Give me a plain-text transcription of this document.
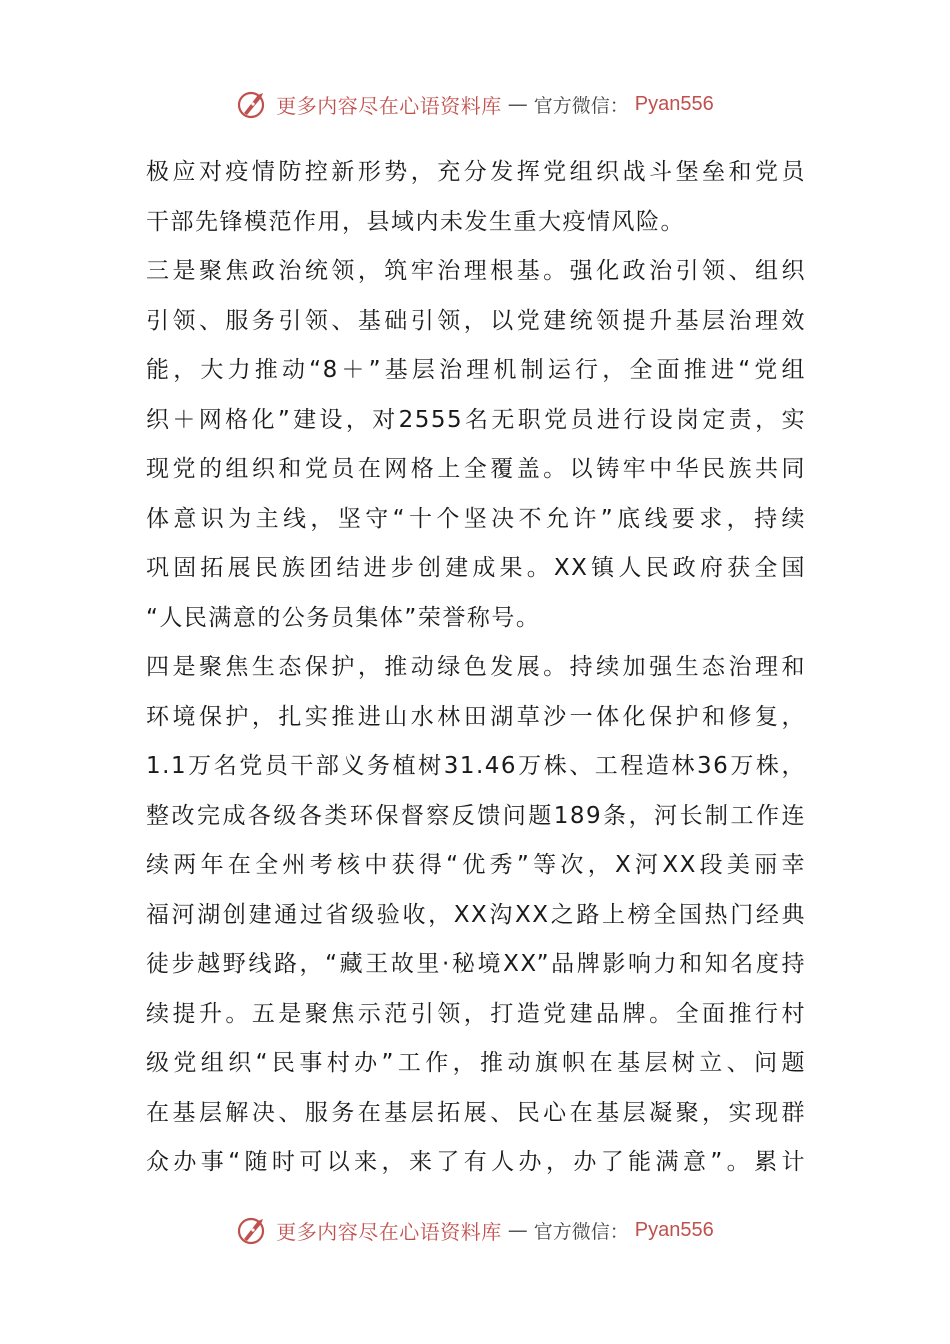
更多内容尽在心语资料库 — 官方微信： Pyan556
极应对疫情防控新形势，充分发挥党组织战斗堡垒和党员
干部先锋模范作用，县域内未发生重大疫情风险。
三是聚焦政治统领，筑牢治理根基。强化政治引领、组织
引领、服务引领、基础引领，以党建统领提升基层治理效
能，大力推动“8＋”基层治理机制运行，全面推进“党组
织＋网格化”建设，对2555名无职党员进行设岗定责，实
现党的组织和党员在网格上全覆盖。以铸牢中华民族共同
体意识为主线，坚守“十个坚决不允许”底线要求，持续
巩固拓展民族团结进步创建成果。XX镇人民政府获全国
“人民满意的公务员集体”荣誉称号。
四是聚焦生态保护，推动绿色发展。持续加强生态治理和
环境保护，扎实推进山水林田湖草沙一体化保护和修复，
1.1万名党员干部义务植树31.46万株、工程造林36万株，
整改完成各级各类环保督察反馈问题189条，河长制工作连
续两年在全州考核中获得“优秀”等次，X河XX段美丽幸
福河湖创建通过省级验收，XX沟XX之路上榜全国热门经典
徒步越野线路，“藏王故里·秘境XX”品牌影响力和知名度持
续提升。五是聚焦示范引领，打造党建品牌。全面推行村
级党组织“民事村办”工作，推动旗帜在基层树立、问题
在基层解决、服务在基层拓展、民心在基层凝聚，实现群
众办事“随时可以来，来了有人办，办了能满意”。累计
更多内容尽在心语资料库 — 官方微信： Pyan556
